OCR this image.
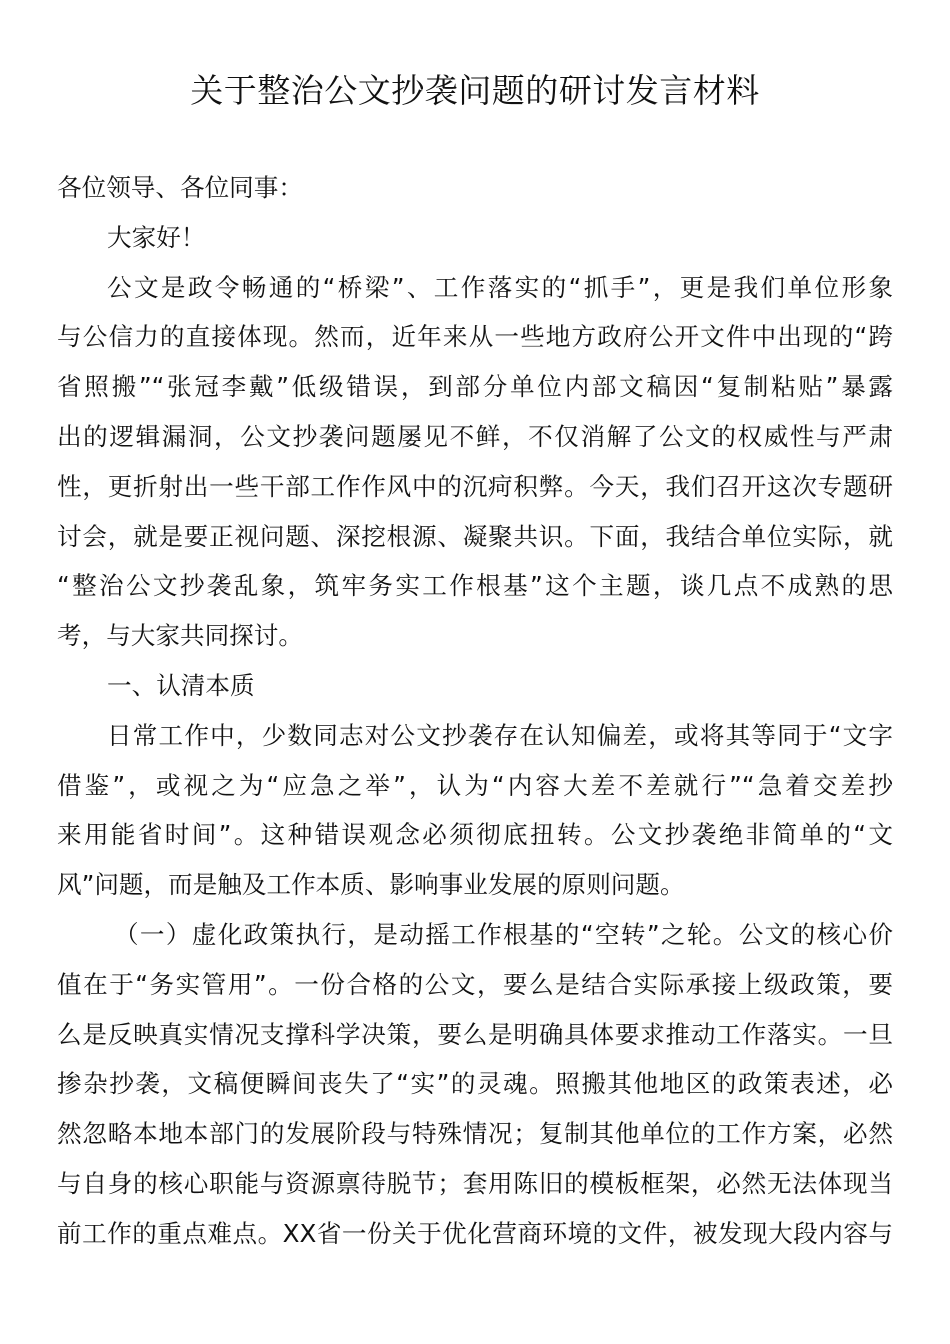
关于整治公文抄袭问题的研讨发言材料
各位领导、各位同事：
大家好！
公文是政令畅通的“桥梁”、工作落实的“抓手”，更是我们单位形象
与公信力的直接体现。然而，近年来从一些地方政府公开文件中出现的“跨
省照搬”“张冠李戴”低级错误，到部分单位内部文稿因“复制粘贴”暴露
出的逻辑漏洞，公文抄袭问题屡见不鲜，不仅消解了公文的权威性与严肃
性，更折射出一些干部工作作风中的沉疴积弊。今天，我们召开这次专题研
讨会，就是要正视问题、深挖根源、凝聚共识。下面，我结合单位实际，就
“整治公文抄袭乱象，筑牢务实工作根基”这个主题，谈几点不成熟的思
考，与大家共同探讨。
一、认清本质
日常工作中，少数同志对公文抄袭存在认知偏差，或将其等同于“文字
借鉴”，或视之为“应急之举”，认为“内容大差不差就行”“急着交差抄
来用能省时间”。这种错误观念必须彻底扭转。公文抄袭绝非简单的“文
风”问题，而是触及工作本质、影响事业发展的原则问题。
（一）虚化政策执行，是动摇工作根基的“空转”之轮。公文的核心价
值在于“务实管用”。一份合格的公文，要么是结合实际承接上级政策，要
么是反映真实情况支撑科学决策，要么是明确具体要求推动工作落实。一旦
掺杂抄袭，文稿便瞬间丧失了“实”的灵魂。照搬其他地区的政策表述，必
然忽略本地本部门的发展阶段与特殊情况；复制其他单位的工作方案，必然
与自身的核心职能与资源禀待脱节；套用陈旧的模板框架，必然无法体现当
前工作的重点难点。XX省一份关于优化营商环境的文件，被发现大段内容与
